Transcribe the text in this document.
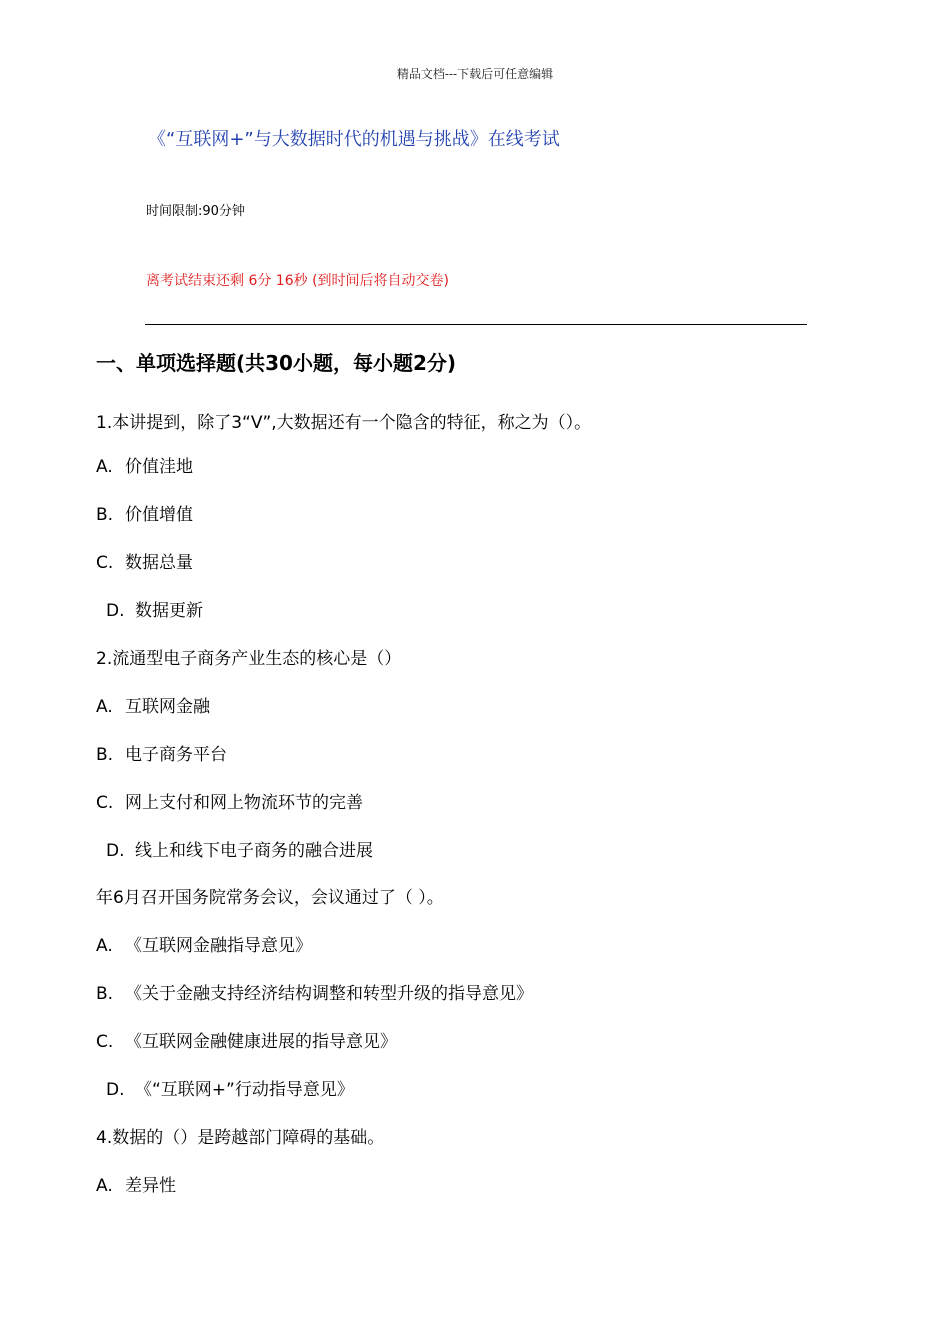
精品文档---下载后可任意编辑
《“互联网+”与大数据时代的机遇与挑战》在线考试
时间限制:90分钟
离考试结束还剩 6分 16秒 (到时间后将自动交卷)
一、单项选择题(共30小题，每小题2分)
1.本讲提到，除了3“V”,大数据还有一个隐含的特征，称之为（）。
A. 价值洼地
B. 价值增值
C. 数据总量
D. 数据更新
2.流通型电子商务产业生态的核心是（）
A. 互联网金融
B. 电子商务平台
C. 网上支付和网上物流环节的完善
D. 线上和线下电子商务的融合进展
年6月召开国务院常务会议，会议通过了（ ）。
A. 《互联网金融指导意见》
B. 《关于金融支持经济结构调整和转型升级的指导意见》
C. 《互联网金融健康进展的指导意见》
D. 《“互联网+”行动指导意见》
4.数据的（）是跨越部门障碍的基础。
A. 差异性
